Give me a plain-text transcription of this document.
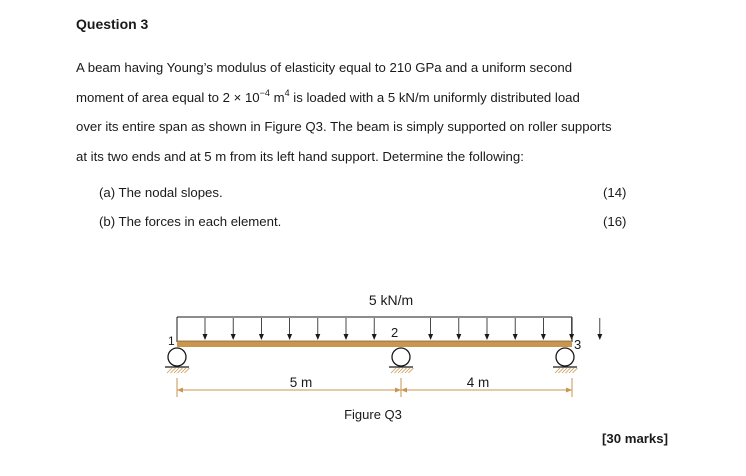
Question 3

A beam having Young’s modulus of elasticity equal to 210 GPa and a uniform second
moment of area equal to $2 \times 10^{-4}$ $m^4$ is loaded with a 5 kN/m uniformly distributed load
over its entire span as shown in Figure Q3. The beam is simply supported on roller supports
at its two ends and at 5 m from its left hand support. Determine the following:

(a) The nodal slopes.	(14)
(b) The forces in each element.	(16)
5 kN/m
1
2
3
5 m	4 m
Figure Q3
[30 marks]
